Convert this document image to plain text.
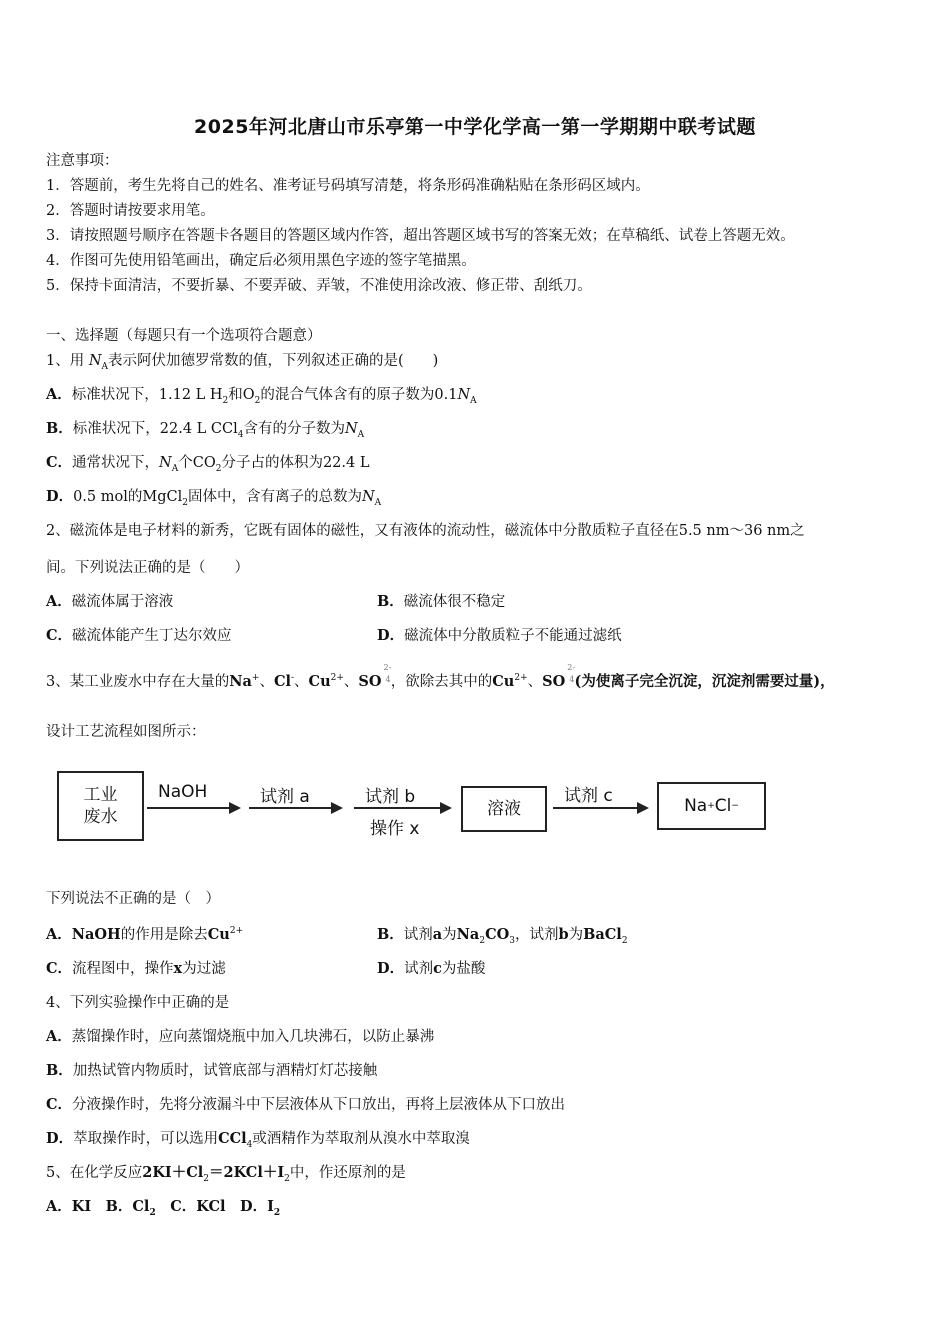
2025年河北唐山市乐亭第一中学化学高一第一学期期中联考试题
注意事项：
1．答题前，考生先将自己的姓名、准考证号码填写清楚，将条形码准确粘贴在条形码区域内。
2．答题时请按要求用笔。
3．请按照题号顺序在答题卡各题目的答题区域内作答，超出答题区域书写的答案无效；在草稿纸、试卷上答题无效。
4．作图可先使用铅笔画出，确定后必须用黑色字迹的签字笔描黑。
5．保持卡面清洁，不要折暴、不要弄破、弄皱，不准使用涂改液、修正带、刮纸刀。
一、选择题（每题只有一个选项符合题意）
1、用 $N_A$表示阿伏加德罗常数的值，下列叙述正确的是(　　)
A．标准状况下，1.12 L $H_2$和$O_2$的混合气体含有的原子数为$0.1N_A$
B．标准状况下，22.4 L CCl$_4$含有的分子数为$N_A$
C．通常状况下，$N_A$个$CO_2$分子占的体积为22.4 L
D．0.5 mol的MgCl$_2$固体中，含有离子的总数为$N_A$
2、磁流体是电子材料的新秀，它既有固体的磁性，又有液体的流动性，磁流体中分散质粒子直径在5.5 nm～36 nm之
间。下列说法正确的是（　　）
A．磁流体属于溶液	B．磁流体很不稳定
C．磁流体能产生丁达尔效应	D．磁流体中分散质粒子不能通过滤纸
3、某工业废水中存在大量的Na+、Cl-、$Cu^{2+}$、SO
2-
4 ，欲除去其中的$Cu^{2+}$、SO
2-
4 (为使离子完全沉淀，沉淀剂需要过量)，
设计工艺流程如图所示：
工业
废水
NaOH	试剂 a	试剂 b
操作 x
溶液
试剂 c	Na + Cl −
下列说法不正确的是（　）
A．NaOH的作用是除去$Cu^{2+}$	B．试剂a为$Na_2CO_3$，试剂b为BaCl$_2$
C．流程图中，操作x为过滤	D．试剂c为盐酸
4、下列实验操作中正确的是
A．蒸馏操作时，应向蒸馏烧瓶中加入几块沸石，以防止暴沸
B．加热试管内物质时，试管底部与酒精灯灯芯接触
C．分液操作时，先将分液漏斗中下层液体从下口放出，再将上层液体从下口放出
D．萃取操作时，可以选用CCl$_4$或酒精作为萃取剂从溴水中萃取溴
5、在化学反应$2KI+Cl_2=2KCl+I_2$中，作还原剂的是
A．KI　B．$Cl_2$　C．KCl　D．$I_2$
